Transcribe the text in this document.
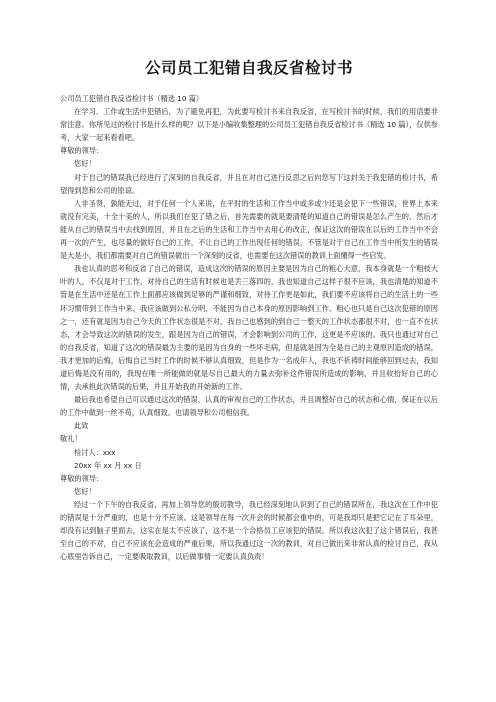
公司员工犯错自我反省检讨书

公司员工犯错自我反省检讨书（精选 10 篇）

在学习、工作或生活中犯错后，为了避免再犯，为此要写检讨书来自我反省，在写检讨书的时候，我们的用语要非常注意。你所见过的检讨书是什么样的呢？以下是小编收集整理的公司员工犯错自我反省检讨书（精选 10 篇），仅供参考，大家一起来看看吧。

尊敬的领导：

您好！

对于自己的错误我已经进行了深刻的自我反省，并且在对自己进行反思之后向您写下这封关于我犯错的检讨书，希望得到您和公司的原谅。

人非圣贤，孰能无过，对于任何一个人来说，在平时的生活和工作当中或多或少还是会犯下一些错误，世界上本来就没有完美，十全十美的人，所以我们在犯了错之后，首先需要的就是要清楚的知道自己的错误是怎么产生的，然后才能从自己的错误当中去找到原因，并且在之后的生活和工作当中去用心的改正，保证这次的错误在以后的工作当中不会再一次的产生，也尽量的做好自己的工作，不让自己的工作出现任何的错误，不管是对于自己在工作当中所发生的错误是大是小，我们都需要对自己的错误做出一个深刻的反省，也需要在这次错误的教训上面懂得一些启发。

我也认真的思考和反省了自己的错误，造成这次的错误的原因主要是因为自己的粗心大意，我本身就是一个粗枝大叶的人，不仅是对于工作，对待自己的生活有时候也是丢三落四的，我也知道自己这样子很不应该，我也清楚的知道不管是在生活中还是在工作上面都应该做到足够的严谨和细致，对待工作更是如此，我们要不应该将自己的生活上的一些坏习惯带到工作当中来，我应该做到公私分明，不能因为自己本身的原因影响到工作。粗心也只是自己这次犯错的原因之一，还有就是因为自己今天的工作状态很是不对，我自己也感到的到自己一整天的工作状态都很不对，也一直不在状态，才会导致这次的错误的发生，跟是因为自己的错误，才会影响到公司的工作，这更是不应该的。我只也通过对自己的自我反省，知道了这次的错误最为主要的是因为自身的一些坏毛病，但是就是因为全是自己的主观原因造成的错误，我才更加的后悔，后悔自己当时工作的时候不够认真细致，但是作为一名成年人，我也不祈祷时间能够回到过去，我知道后悔是没有用的，我现在唯一所能做的就是尽自己最大的力量去弥补这件错误所造成的影响，并且收拾好自己的心情，去承担此次错误的后果，并且开始我的开始新的工作。

最后我也希望自己可以通过这次的错误，认真的审视自己的工作状态，并且调整好自己的状态和心情，保证在以后的工作中做到一丝不苟，认真细致。也请领导和公司相信我。

此致

敬礼！

检讨人：xxx

20xx 年 xx 月 xx 日

尊敬的领导：

您好！

经过一个下午的自我反省，再加上领导您的殷切教导，我已经深刻地认识到了自己的错误所在，我这次在工作中犯的错误是十分严重的，也是十分不应该。这是领导在每一次开会的时候都会重申的，可是我却只是把它记在了耳朵里，却没有记到脑子里面去，这实在是太不应该了，这不是一个合格员工应该犯的错误。所以我这次犯了这个错误后，我甚至自己的不对，自己不应该在会造成的严重后果，所以我通过这一次的教训，对自己做出来非常认真的检讨自己，我从心底里告诉自己，一定要吸取教训，以后做事情一定要认真负责！
